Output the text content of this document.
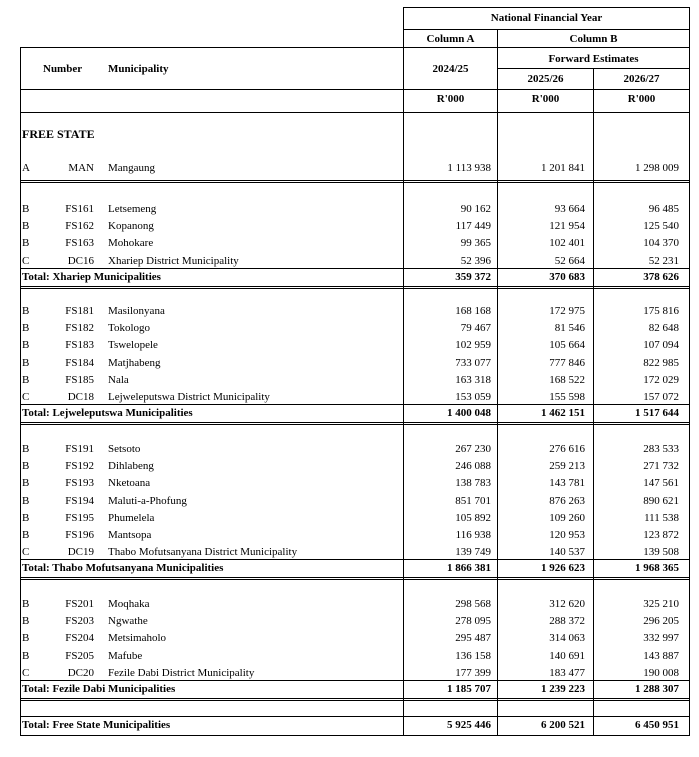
National Financial Year
Column A	Column B
Forward Estimates
Number Municipality	2024/25
2025/26	2026/27
R'000	R'000	R'000
FREE STATE
A	MAN Mangaung	1 113 938	1 201 841	1 298 009
B	FS161 Letsemeng	90 162	93 664	96 485
B	FS162 Kopanong	117 449	121 954	125 540
B	FS163 Mohokare	99 365	102 401	104 370
C	DC16 Xhariep District Municipality	52 396	52 664	52 231
Total: Xhariep Municipalities	359 372	370 683	378 626
B	FS181 Masilonyana	168 168	172 975	175 816
B	FS182 Tokologo	79 467	81 546	82 648
B	FS183 Tswelopele	102 959	105 664	107 094
B	FS184 Matjhabeng	733 077	777 846	822 985
B	FS185 Nala	163 318	168 522	172 029
C	DC18 Lejweleputswa District Municipality	153 059	155 598	157 072
Total: Lejweleputswa Municipalities	1 400 048	1 462 151	1 517 644
B	FS191 Setsoto	267 230	276 616	283 533
B	FS192 Dihlabeng	246 088	259 213	271 732
B	FS193 Nketoana	138 783	143 781	147 561
B	FS194 Maluti-a-Phofung	851 701	876 263	890 621
B	FS195 Phumelela	105 892	109 260	111 538
B	FS196 Mantsopa	116 938	120 953	123 872
C	DC19 Thabo Mofutsanyana District Municipality	139 749	140 537	139 508
Total: Thabo Mofutsanyana Municipalities	1 866 381	1 926 623	1 968 365
B	FS201 Moqhaka	298 568	312 620	325 210
B	FS203 Ngwathe	278 095	288 372	296 205
B	FS204 Metsimaholo	295 487	314 063	332 997
B	FS205 Mafube	136 158	140 691	143 887
C	DC20 Fezile Dabi District Municipality	177 399	183 477	190 008
Total: Fezile Dabi Municipalities	1 185 707	1 239 223	1 288 307
Total: Free State Municipalities	5 925 446	6 200 521	6 450 951
